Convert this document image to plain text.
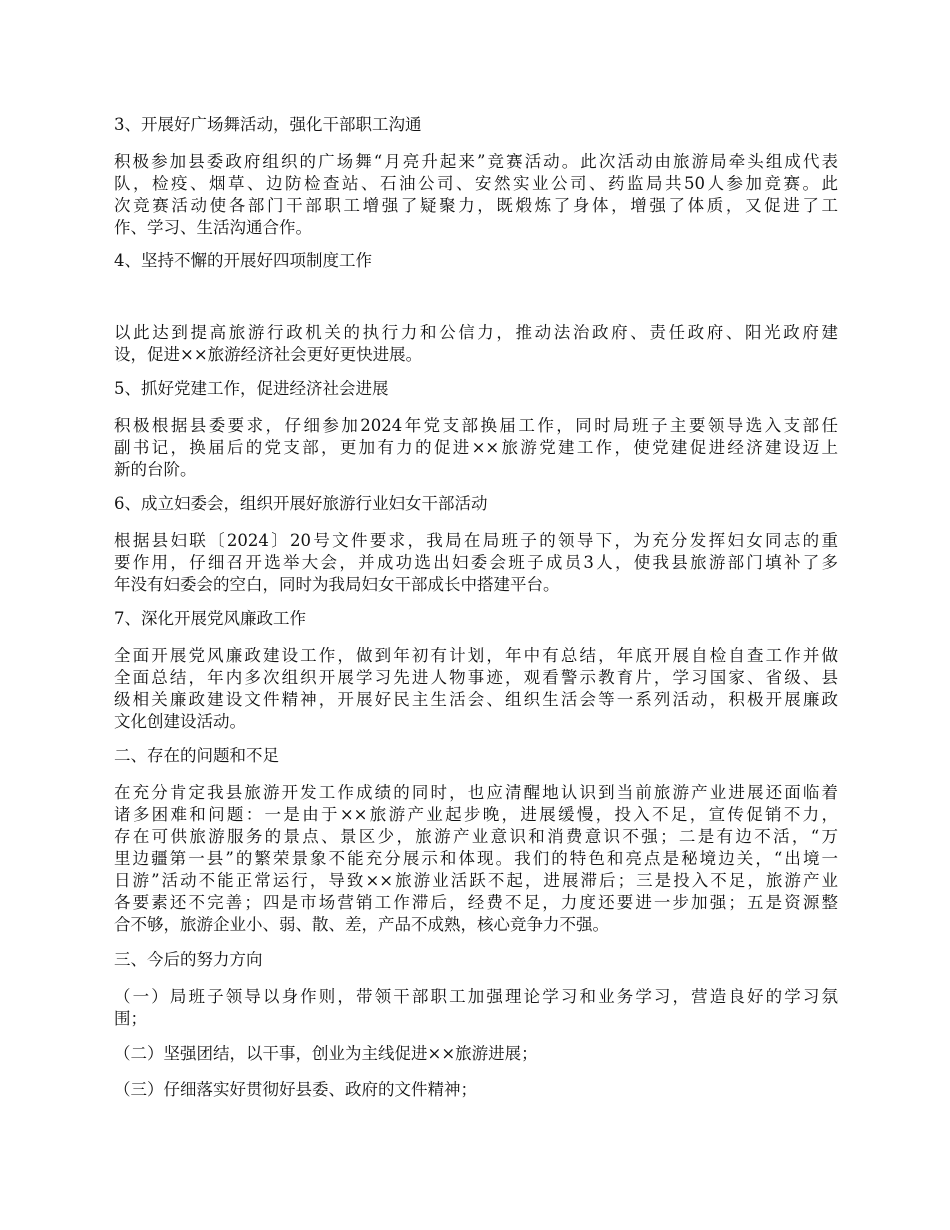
3、开展好广场舞活动，强化干部职工沟通
积极参加县委政府组织的广场舞“月亮升起来”竞赛活动。此次活动由旅游局牵头组成代表
队，检疫、烟草、边防检查站、石油公司、安然实业公司、药监局共50人参加竞赛。此
次竞赛活动使各部门干部职工增强了疑聚力，既煅炼了身体，增强了体质，又促进了工
作、学习、生活沟通合作。
4、坚持不懈的开展好四项制度工作
以此达到提高旅游行政机关的执行力和公信力，推动法治政府、责任政府、阳光政府建
设，促进××旅游经济社会更好更快进展。
5、抓好党建工作，促进经济社会进展
积极根据县委要求，仔细参加2024年党支部换届工作，同时局班子主要领导选入支部任
副书记，换届后的党支部，更加有力的促进××旅游党建工作，使党建促进经济建设迈上
新的台阶。
6、成立妇委会，组织开展好旅游行业妇女干部活动
根据县妇联〔2024〕20号文件要求，我局在局班子的领导下，为充分发挥妇女同志的重
要作用，仔细召开选举大会，并成功选出妇委会班子成员3人，使我县旅游部门填补了多
年没有妇委会的空白，同时为我局妇女干部成长中搭建平台。
7、深化开展党风廉政工作
全面开展党风廉政建设工作，做到年初有计划，年中有总结，年底开展自检自查工作并做
全面总结，年内多次组织开展学习先进人物事迹，观看警示教育片，学习国家、省级、县
级相关廉政建设文件精神，开展好民主生活会、组织生活会等一系列活动，积极开展廉政
文化创建设活动。
二、存在的问题和不足
在充分肯定我县旅游开发工作成绩的同时，也应清醒地认识到当前旅游产业进展还面临着
诸多困难和问题：一是由于××旅游产业起步晚，进展缓慢，投入不足，宣传促销不力，
存在可供旅游服务的景点、景区少，旅游产业意识和消费意识不强；二是有边不活，“万
里边疆第一县”的繁荣景象不能充分展示和体现。我们的特色和亮点是秘境边关，“出境一
日游”活动不能正常运行，导致××旅游业活跃不起，进展滞后；三是投入不足，旅游产业
各要素还不完善；四是市场营销工作滞后，经费不足，力度还要进一步加强；五是资源整
合不够，旅游企业小、弱、散、差，产品不成熟，核心竞争力不强。
三、今后的努力方向
（一）局班子领导以身作则，带领干部职工加强理论学习和业务学习，营造良好的学习氛
围；
（二）坚强团结，以干事，创业为主线促进××旅游进展；
（三）仔细落实好贯彻好县委、政府的文件精神；
